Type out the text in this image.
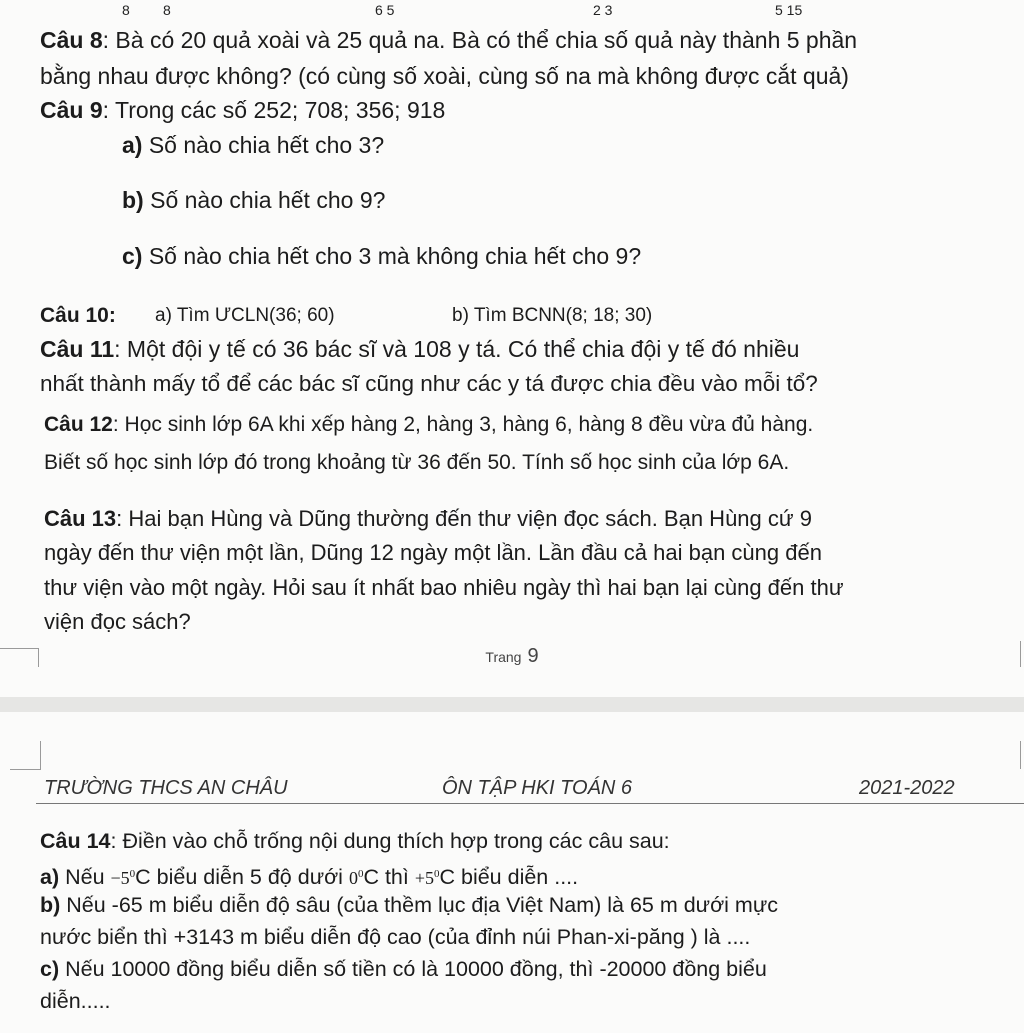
8 8	6 5	2 3	5 15
Câu 8: Bà có 20 quả xoài và 25 quả na. Bà có thể chia số quả này thành 5 phần
bằng nhau được không? (có cùng số xoài, cùng số na mà không được cắt quả)
Câu 9: Trong các số 252; 708; 356; 918
a) Số nào chia hết cho 3?
b) Số nào chia hết cho 9?
c) Số nào chia hết cho 3 mà không chia hết cho 9?
Câu 10: a) Tìm ƯCLN(36; 60)	b) Tìm BCNN(8; 18; 30)
Câu 11: Một đội y tế có 36 bác sĩ và 108 y tá. Có thể chia đội y tế đó nhiều
nhất thành mấy tổ để các bác sĩ cũng như các y tá được chia đều vào mỗi tổ?
Câu 12: Học sinh lớp 6A khi xếp hàng 2, hàng 3, hàng 6, hàng 8 đều vừa đủ hàng.
Biết số học sinh lớp đó trong khoảng từ 36 đến 50. Tính số học sinh của lớp 6A.
Câu 13: Hai bạn Hùng và Dũng thường đến thư viện đọc sách. Bạn Hùng cứ 9
ngày đến thư viện một lần, Dũng 12 ngày một lần. Lần đầu cả hai bạn cùng đến
thư viện vào một ngày. Hỏi sau ít nhất bao nhiêu ngày thì hai bạn lại cùng đến thư
viện đọc sách?
Trang 9
TRƯỜNG THCS AN CHÂU	ÔN TẬP HKI TOÁN 6	2021-2022
Câu 14: Điền vào chỗ trống nội dung thích hợp trong các câu sau:
a) Nếu $-5^0C$ biểu diễn 5 độ dưới $0^0C$ thì $+5^0C$ biểu diễn ....
b) Nếu -65 m biểu diễn độ sâu (của thềm lục địa Việt Nam) là 65 m dưới mực
nước biển thì +3143 m biểu diễn độ cao (của đỉnh núi Phan-xi-păng ) là ....
c) Nếu 10000 đồng biểu diễn số tiền có là 10000 đồng, thì -20000 đồng biểu
diễn.....
